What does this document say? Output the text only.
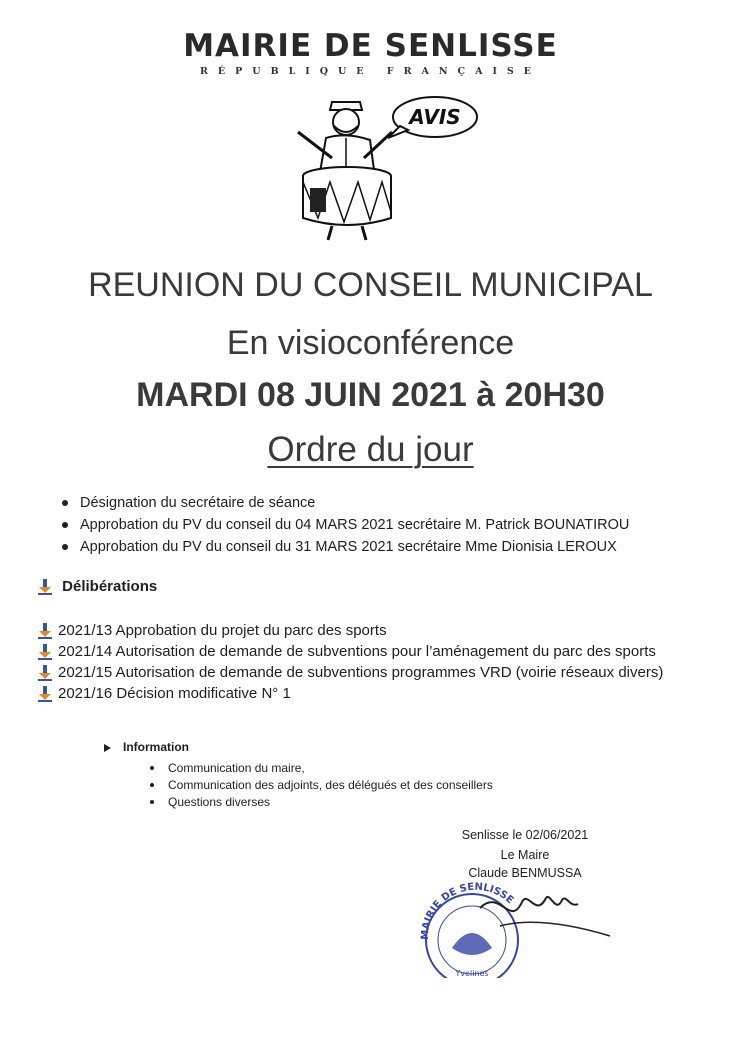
MAIRIE DE SENLISSE
RÉPUBLIQUE FRANÇAISE
AVIS
REUNION DU CONSEIL MUNICIPAL
En visioconférence
MARDI 08 JUIN 2021 à 20H30
Ordre du jour
Désignation du secrétaire de séance
Approbation du PV du conseil du 04 MARS 2021 secrétaire M. Patrick BOUNATIROU
Approbation du PV du conseil du 31 MARS 2021 secrétaire Mme Dionisia LEROUX
Délibérations
2021/13 Approbation du projet du parc des sports
2021/14 Autorisation de demande de subventions pour l’aménagement du parc des sports
2021/15 Autorisation de demande de subventions programmes VRD (voirie réseaux divers)
2021/16 Décision modificative N° 1
Information
Communication du maire,
Communication des adjoints, des délégués et des conseillers
Questions diverses
Senlisse le 02/06/2021
Le Maire
Claude BENMUSSA
MAIRIE DE SENLISSE
Yvelines
